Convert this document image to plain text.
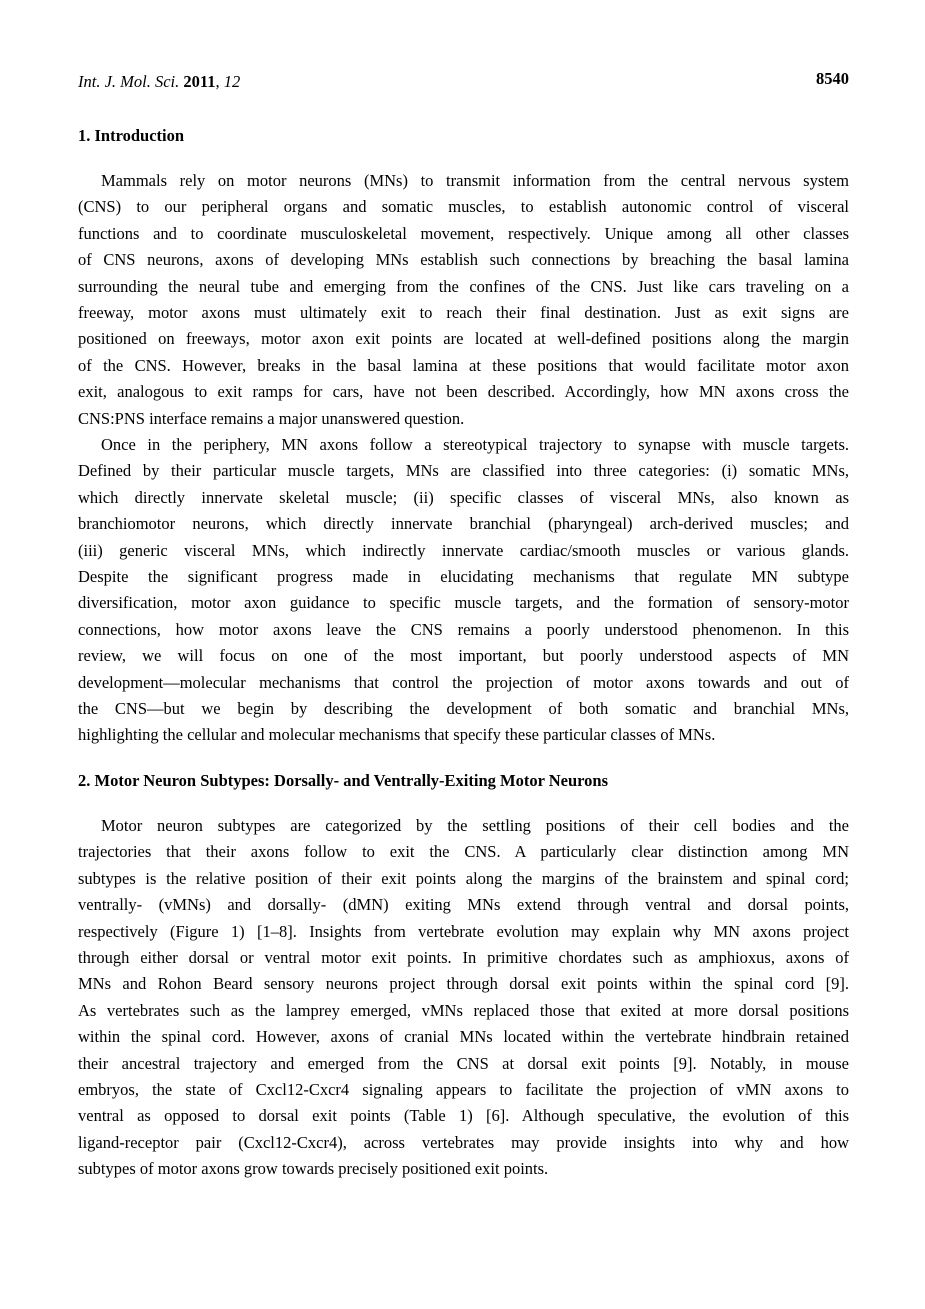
Int. J. Mol. Sci. 2011, 12	8540
1. Introduction
Mammals rely on motor neurons (MNs) to transmit information from the central nervous system
(CNS) to our peripheral organs and somatic muscles, to establish autonomic control of visceral
functions and to coordinate musculoskeletal movement, respectively. Unique among all other classes
of CNS neurons, axons of developing MNs establish such connections by breaching the basal lamina
surrounding the neural tube and emerging from the confines of the CNS. Just like cars traveling on a
freeway, motor axons must ultimately exit to reach their final destination. Just as exit signs are
positioned on freeways, motor axon exit points are located at well-defined positions along the margin
of the CNS. However, breaks in the basal lamina at these positions that would facilitate motor axon
exit, analogous to exit ramps for cars, have not been described. Accordingly, how MN axons cross the
CNS:PNS interface remains a major unanswered question.
Once in the periphery, MN axons follow a stereotypical trajectory to synapse with muscle targets.
Defined by their particular muscle targets, MNs are classified into three categories: (i) somatic MNs,
which directly innervate skeletal muscle; (ii) specific classes of visceral MNs, also known as
branchiomotor neurons, which directly innervate branchial (pharyngeal) arch-derived muscles; and
(iii) generic visceral MNs, which indirectly innervate cardiac/smooth muscles or various glands.
Despite the significant progress made in elucidating mechanisms that regulate MN subtype
diversification, motor axon guidance to specific muscle targets, and the formation of sensory-motor
connections, how motor axons leave the CNS remains a poorly understood phenomenon. In this
review, we will focus on one of the most important, but poorly understood aspects of MN
development—molecular mechanisms that control the projection of motor axons towards and out of
the CNS—but we begin by describing the development of both somatic and branchial MNs,
highlighting the cellular and molecular mechanisms that specify these particular classes of MNs.
2. Motor Neuron Subtypes: Dorsally- and Ventrally-Exiting Motor Neurons
Motor neuron subtypes are categorized by the settling positions of their cell bodies and the
trajectories that their axons follow to exit the CNS. A particularly clear distinction among MN
subtypes is the relative position of their exit points along the margins of the brainstem and spinal cord;
ventrally- (vMNs) and dorsally- (dMN) exiting MNs extend through ventral and dorsal points,
respectively (Figure 1) [1–8]. Insights from vertebrate evolution may explain why MN axons project
through either dorsal or ventral motor exit points. In primitive chordates such as amphioxus, axons of
MNs and Rohon Beard sensory neurons project through dorsal exit points within the spinal cord [9].
As vertebrates such as the lamprey emerged, vMNs replaced those that exited at more dorsal positions
within the spinal cord. However, axons of cranial MNs located within the vertebrate hindbrain retained
their ancestral trajectory and emerged from the CNS at dorsal exit points [9]. Notably, in mouse
embryos, the state of Cxcl12-Cxcr4 signaling appears to facilitate the projection of vMN axons to
ventral as opposed to dorsal exit points (Table 1) [6]. Although speculative, the evolution of this
ligand-receptor pair (Cxcl12-Cxcr4), across vertebrates may provide insights into why and how
subtypes of motor axons grow towards precisely positioned exit points.
